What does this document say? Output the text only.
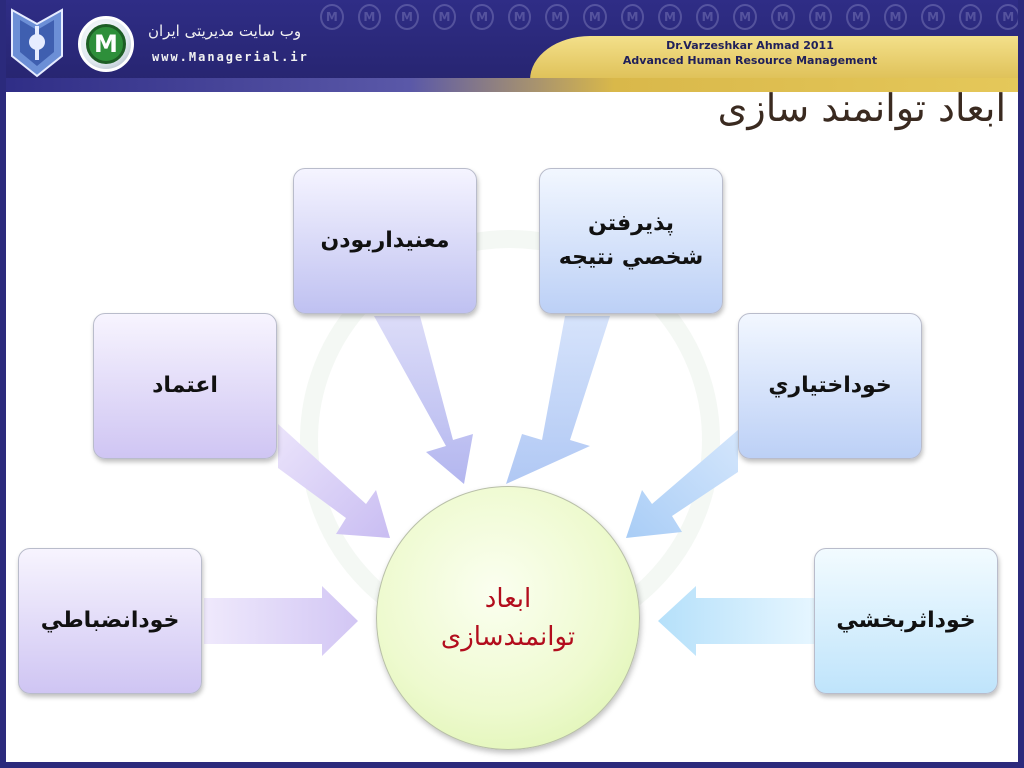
M	M	M	M	M	M	M	M	M	M	M	M	M	M	M	M	M	M	M
M	وب سایت مدیریتی ایران
www.Managerial.ir
Dr.Varzeshkar Ahmad 2011
Advanced Human Resource Management
ابعاد توانمند سازی
معنيداربودن
پذيرفتن
شخصي نتيجه
اعتماد	خوداختياري
خودانضباطي	خوداثربخشي
ابعاد
توانمندسازی
